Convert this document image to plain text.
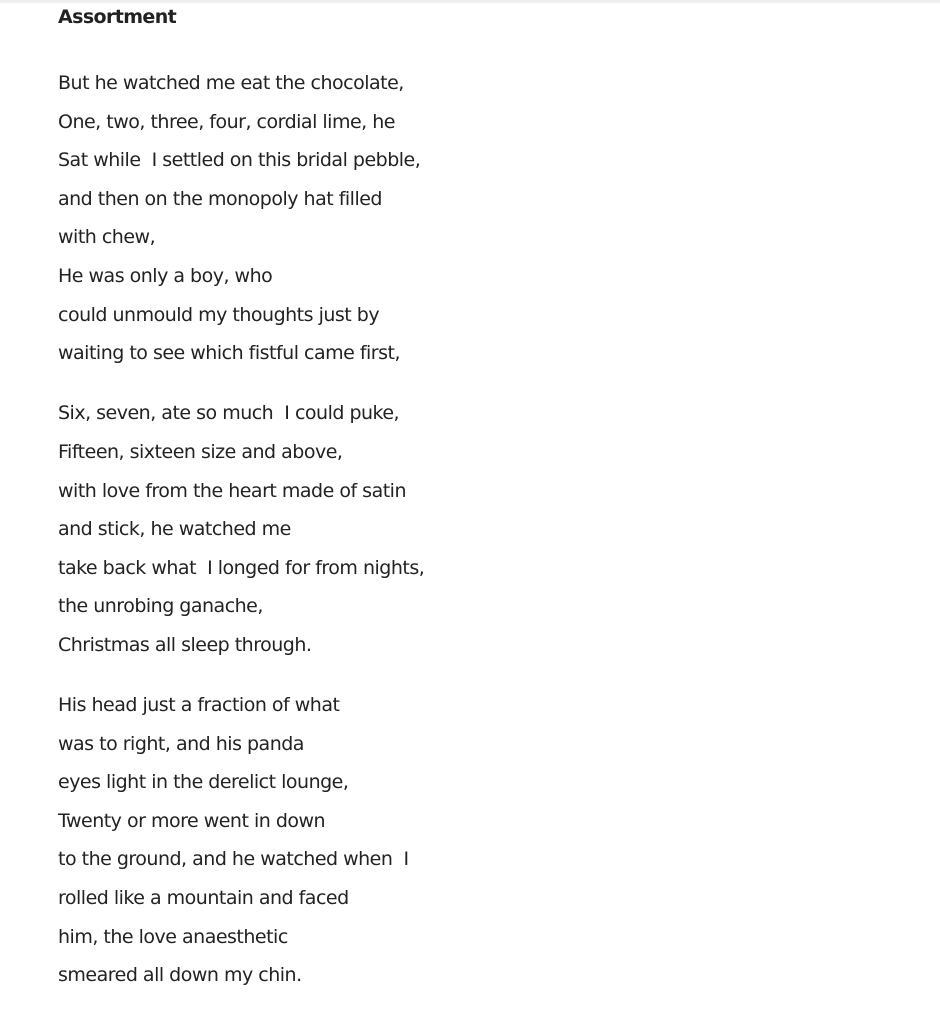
Assortment
But he watched me eat the chocolate,
One, two, three, four, cordial lime, he
Sat while  I settled on this bridal pebble,
and then on the monopoly hat filled
with chew,
He was only a boy, who
could unmould my thoughts just by
waiting to see which fistful came first,
Six, seven, ate so much  I could puke,
Fifteen, sixteen size and above,
with love from the heart made of satin
and stick, he watched me
take back what  I longed for from nights,
the unrobing ganache,
Christmas all sleep through.
His head just a fraction of what
was to right, and his panda
eyes light in the derelict lounge,
Twenty or more went in down
to the ground, and he watched when  I
rolled like a mountain and faced
him, the love anaesthetic
smeared all down my chin.
